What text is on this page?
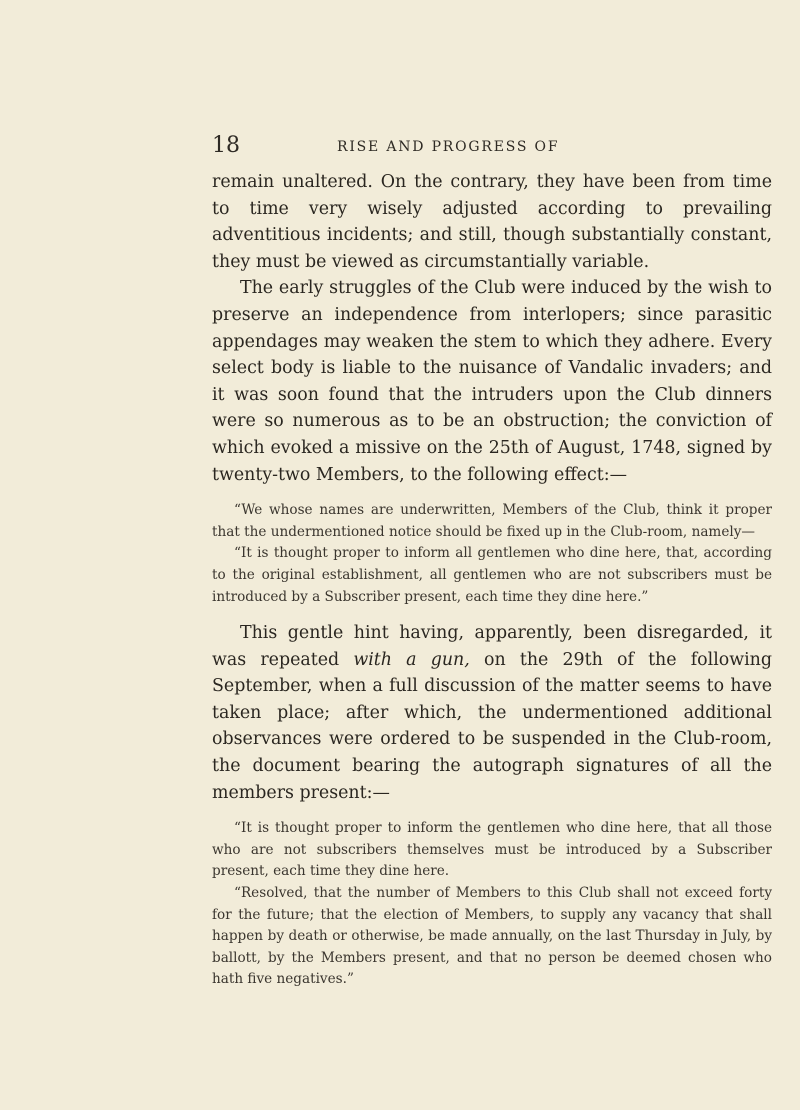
18	RISE AND PROGRESS OF

remain unaltered. On the contrary, they have been from time to time very wisely adjusted according to prevailing adventitious incidents; and still, though substantially constant, they must be viewed as circumstantially variable.

The early struggles of the Club were induced by the wish to preserve an independence from interlopers; since parasitic appendages may weaken the stem to which they adhere. Every select body is liable to the nuisance of Vandalic invaders; and it was soon found that the intruders upon the Club dinners were so numerous as to be an obstruction; the conviction of which evoked a missive on the 25th of August, 1748, signed by twenty-two Members, to the following effect:—

“We whose names are underwritten, Members of the Club, think it proper that the undermentioned notice should be fixed up in the Club-room, namely—

“It is thought proper to inform all gentlemen who dine here, that, according to the original establishment, all gentlemen who are not subscribers must be introduced by a Subscriber present, each time they dine here.”

This gentle hint having, apparently, been disregarded, it was repeated with a gun, on the 29th of the following September, when a full discussion of the matter seems to have taken place; after which, the undermentioned additional observances were ordered to be suspended in the Club-room, the document bearing the autograph signatures of all the members present:—

“It is thought proper to inform the gentlemen who dine here, that all those who are not subscribers themselves must be introduced by a Subscriber present, each time they dine here.

“Resolved, that the number of Members to this Club shall not exceed forty for the future; that the election of Members, to supply any vacancy that shall happen by death or otherwise, be made annually, on the last Thursday in July, by ballott, by the Members present, and that no person be deemed chosen who hath five negatives.”
